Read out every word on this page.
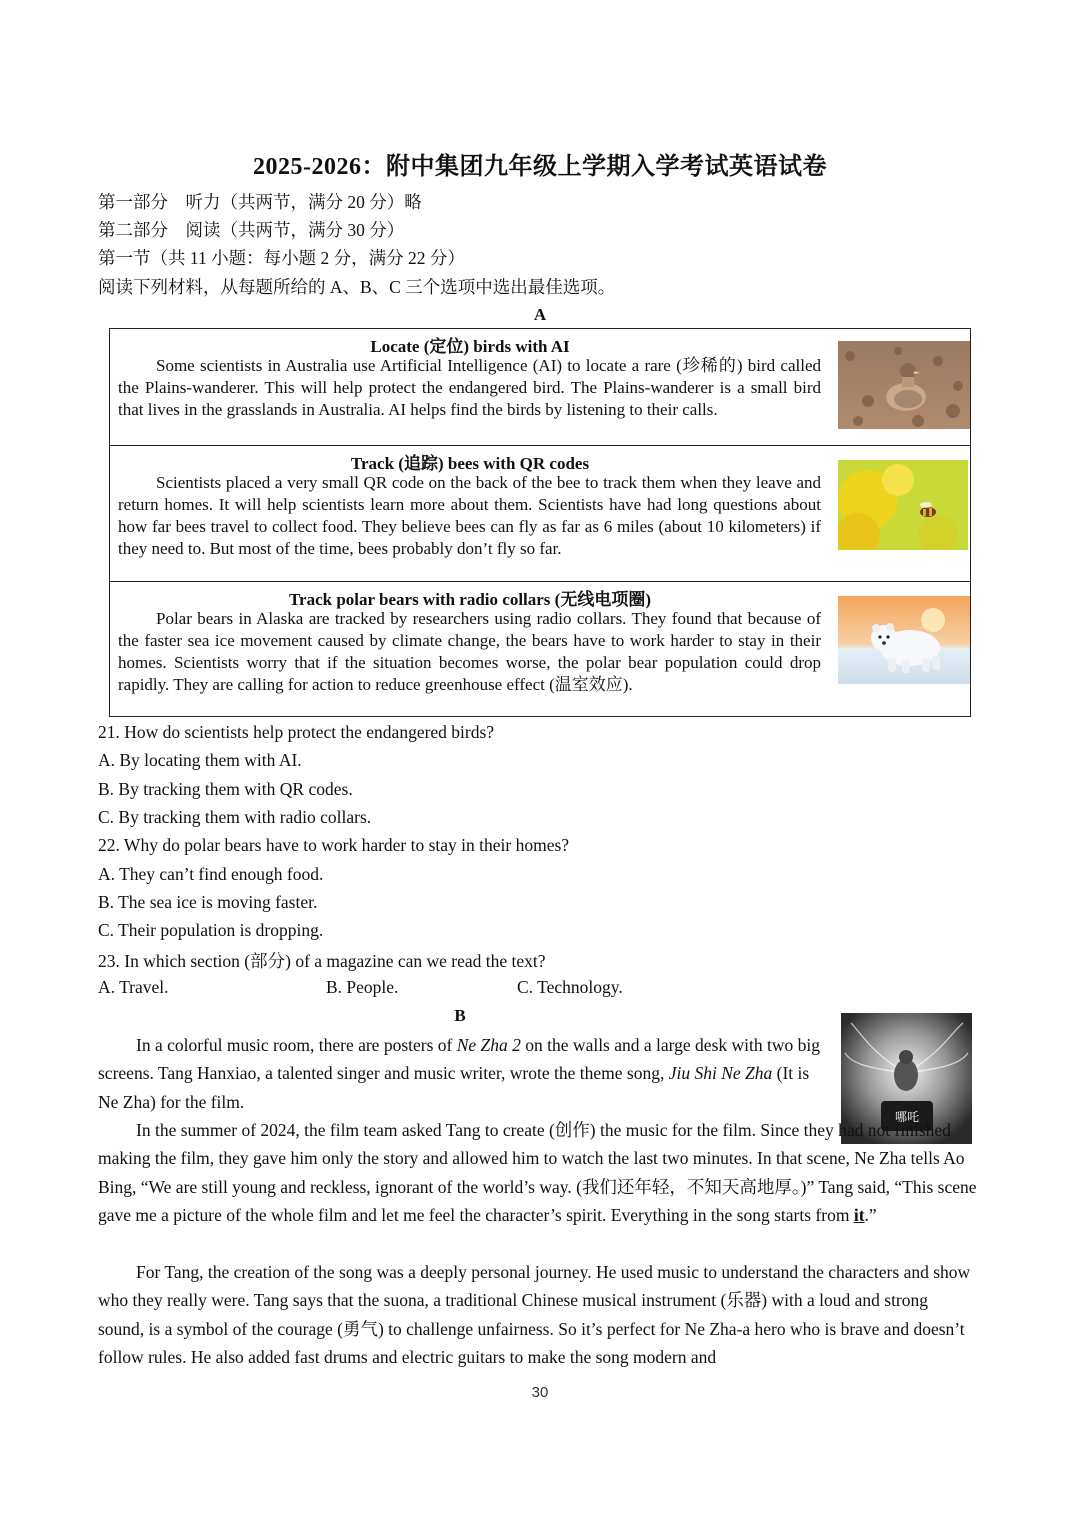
2025-2026：附中集团九年级上学期入学考试英语试卷
第一部分　听力（共两节，满分 20 分）略
第二部分　阅读（共两节，满分 30 分）
第一节（共 11 小题：每小题 2 分，满分 22 分）
阅读下列材料，从每题所给的 A、B、C 三个选项中选出最佳选项。
A
Locate (定位) birds with AI
Some scientists in Australia use Artificial Intelligence (AI) to locate a rare (珍稀的) bird called the Plains-wanderer. This will help protect the endangered bird. The Plains-wanderer is a small bird that lives in the grasslands in Australia. AI helps find the birds by listening to their calls.
Track (追踪) bees with QR codes
Scientists placed a very small QR code on the back of the bee to track them when they leave and return homes. It will help scientists learn more about them. Scientists have had long questions about how far bees travel to collect food. They believe bees can fly as far as 6 miles (about 10 kilometers) if they need to. But most of the time, bees probably don’t fly so far.
Track polar bears with radio collars (无线电项圈)
Polar bears in Alaska are tracked by researchers using radio collars. They found that because of the faster sea ice movement caused by climate change, the bears have to work harder to stay in their homes. Scientists worry that if the situation becomes worse, the polar bear population could drop rapidly. They are calling for action to reduce greenhouse effect (温室效应).
21. How do scientists help protect the endangered birds?
A. By locating them with AI.
B. By tracking them with QR codes.
C. By tracking them with radio collars.
22. Why do polar bears have to work harder to stay in their homes?
A. They can’t find enough food.
B. The sea ice is moving faster.
C. Their population is dropping.
23. In which section (部分) of a magazine can we read the text?
A. Travel.	B. People.	C. Technology.
B
哪吒
In a colorful music room, there are posters of Ne Zha 2 on the walls and a large desk with two big screens. Tang Hanxiao, a talented singer and music writer, wrote the theme song, Jiu Shi Ne Zha (It is Ne Zha) for the film.
In the summer of 2024, the film team asked Tang to create (创作) the music for the film. Since they had not finished making the film, they gave him only the story and allowed him to watch the last two minutes. In that scene, Ne Zha tells Ao Bing, “We are still young and reckless, ignorant of the world’s way. (我们还年轻，不知天高地厚。)” Tang said, “This scene gave me a picture of the whole film and let me feel the character’s spirit. Everything in the song starts from it.”
For Tang, the creation of the song was a deeply personal journey. He used music to understand the characters and show who they really were. Tang says that the suona, a traditional Chinese musical instrument (乐器) with a loud and strong sound, is a symbol of the courage (勇气) to challenge unfairness. So it’s perfect for Ne Zha-a hero who is brave and doesn’t follow rules. He also added fast drums and electric guitars to make the song modern and
30
